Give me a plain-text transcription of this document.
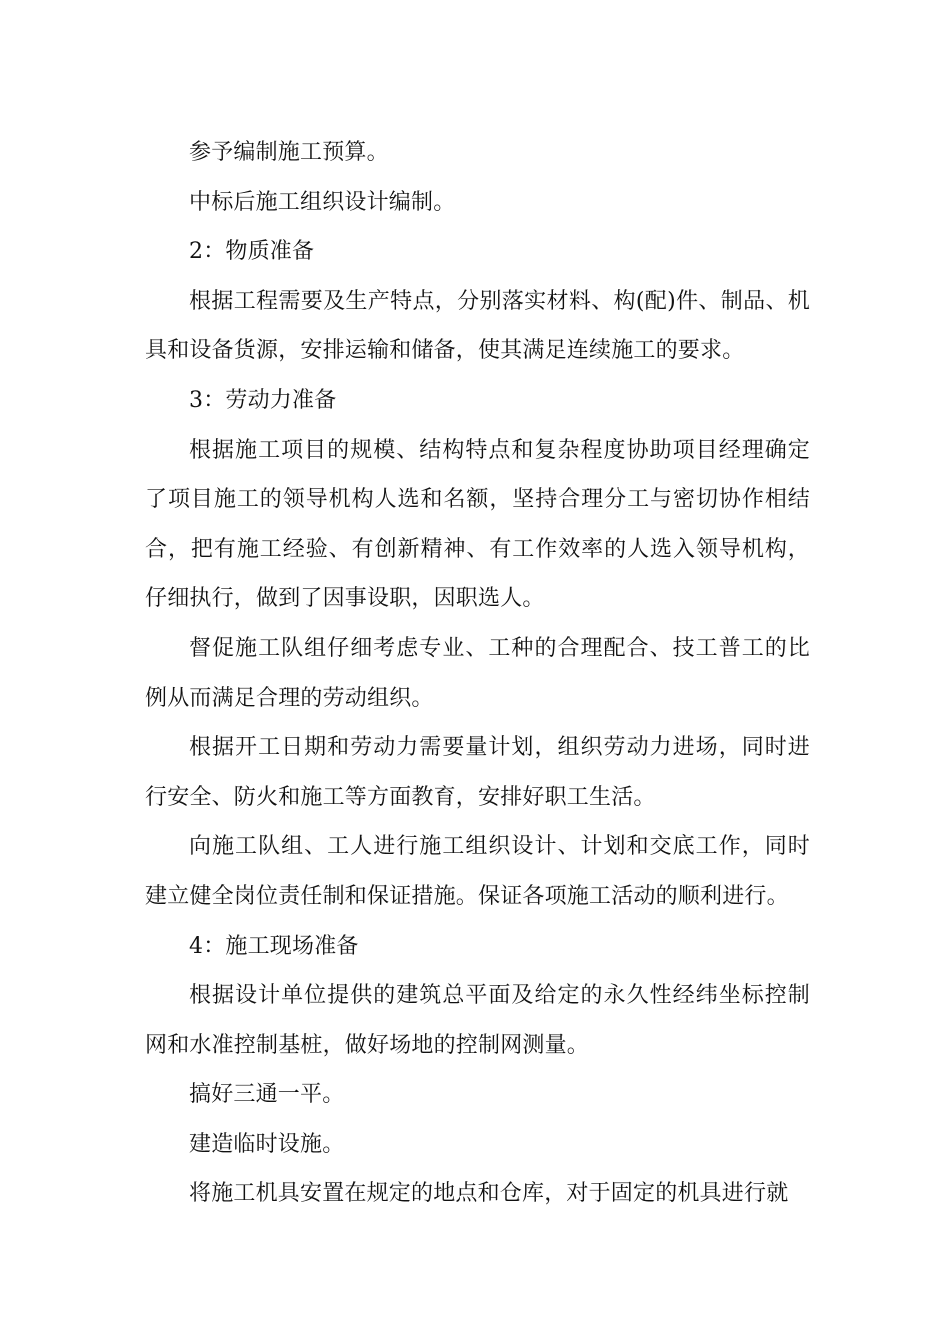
参予编制施工预算。

中标后施工组织设计编制。

2：物质准备

根据工程需要及生产特点，分别落实材料、构(配)件、制品、机具和设备货源，安排运输和储备，使其满足连续施工的要求。

3：劳动力准备

根据施工项目的规模、结构特点和复杂程度协助项目经理确定了项目施工的领导机构人选和名额，坚持合理分工与密切协作相结合，把有施工经验、有创新精神、有工作效率的人选入领导机构，仔细执行，做到了因事设职，因职选人。

督促施工队组仔细考虑专业、工种的合理配合、技工普工的比例从而满足合理的劳动组织。

根据开工日期和劳动力需要量计划，组织劳动力进场，同时进行安全、防火和施工等方面教育，安排好职工生活。

向施工队组、工人进行施工组织设计、计划和交底工作，同时建立健全岗位责任制和保证措施。保证各项施工活动的顺利进行。

4：施工现场准备

根据设计单位提供的建筑总平面及给定的永久性经纬坐标控制网和水准控制基桩，做好场地的控制网测量。

搞好三通一平。

建造临时设施。

将施工机具安置在规定的地点和仓库，对于固定的机具进行就
